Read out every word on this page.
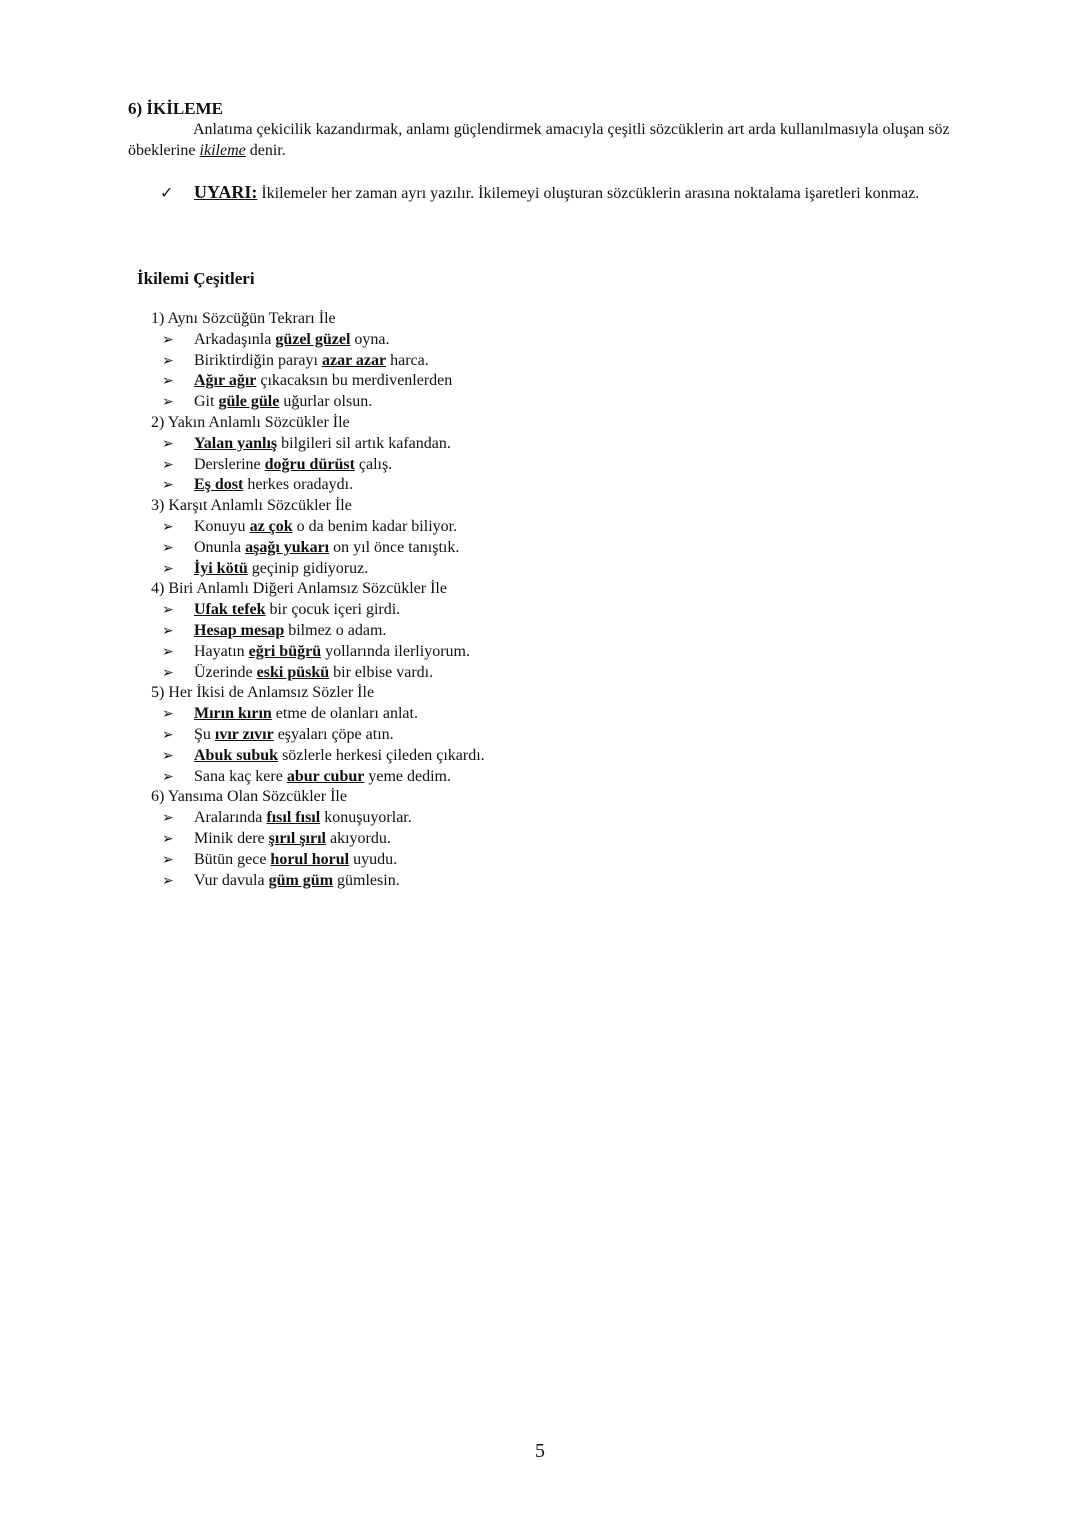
6) İKİLEME
Anlatıma çekicilik kazandırmak, anlamı güçlendirmek amacıyla çeşitli sözcüklerin art arda kullanılmasıyla oluşan söz öbeklerine ikileme denir.
✓ UYARI: İkilemeler her zaman ayrı yazılır. İkilemeyi oluşturan sözcüklerin arasına noktalama işaretleri konmaz.
İkilemi Çeşitleri
1) Aynı Sözcüğün Tekrarı İle
➢ Arkadaşınla güzel güzel oyna.
➢ Biriktirdiğin parayı azar azar harca.
➢ Ağır ağır çıkacaksın bu merdivenlerden
➢ Git güle güle uğurlar olsun.
2) Yakın Anlamlı Sözcükler İle
➢ Yalan yanlış bilgileri sil artık kafandan.
➢ Derslerine doğru dürüst çalış.
➢ Eş dost herkes oradaydı.
3) Karşıt Anlamlı Sözcükler İle
➢ Konuyu az çok o da benim kadar biliyor.
➢ Onunla aşağı yukarı on yıl önce tanıştık.
➢ İyi kötü geçinip gidiyoruz.
4) Biri Anlamlı Diğeri Anlamsız Sözcükler İle
➢ Ufak tefek bir çocuk içeri girdi.
➢ Hesap mesap bilmez o adam.
➢ Hayatın eğri büğrü yollarında ilerliyorum.
➢ Üzerinde eski püskü bir elbise vardı.
5) Her İkisi de Anlamsız Sözler İle
➢ Mırın kırın etme de olanları anlat.
➢ Şu ıvır zıvır eşyaları çöpe atın.
➢ Abuk subuk sözlerle herkesi çileden çıkardı.
➢ Sana kaç kere abur cubur yeme dedim.
6) Yansıma Olan Sözcükler İle
➢ Aralarında fısıl fısıl konuşuyorlar.
➢ Minik dere şırıl şırıl akıyordu.
➢ Bütün gece horul horul uyudu.
➢ Vur davula güm güm gümlesin.
5
